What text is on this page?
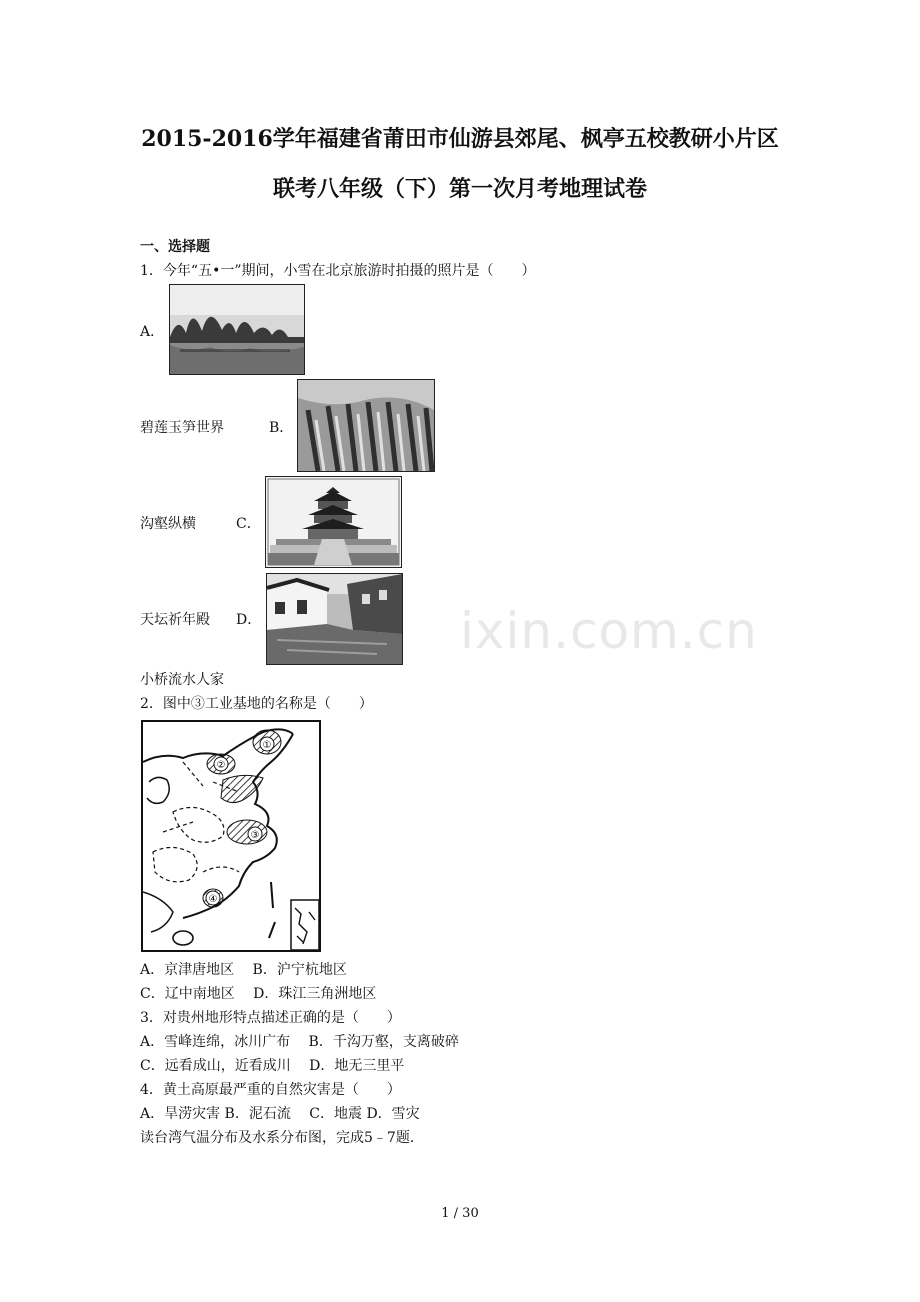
2015-2016学年福建省莆田市仙游县郊尾、枫亭五校教研小片区
联考八年级（下）第一次月考地理试卷
一、选择题
1．今年“五•一”期间，小雪在北京旅游时拍摄的照片是（　　）
A．
碧莲玉笋世界	B．
沟壑纵横	C．
天坛祈年殿 D．
小桥流水人家
ixin.com.cn
2．图中③工业基地的名称是（　　）
①
②
③
④
A．京津唐地区　 B．沪宁杭地区
C．辽中南地区　 D．珠江三角洲地区
3．对贵州地形特点描述正确的是（　　）
A．雪峰连绵，冰川广布　 B．千沟万壑，支离破碎
C．远看成山，近看成川　 D．地无三里平
4．黄土高原最严重的自然灾害是（　　）
A．旱涝灾害 B．泥石流　 C．地震 D．雪灾
读台湾气温分布及水系分布图，完成5﹣7题．
1 / 30
